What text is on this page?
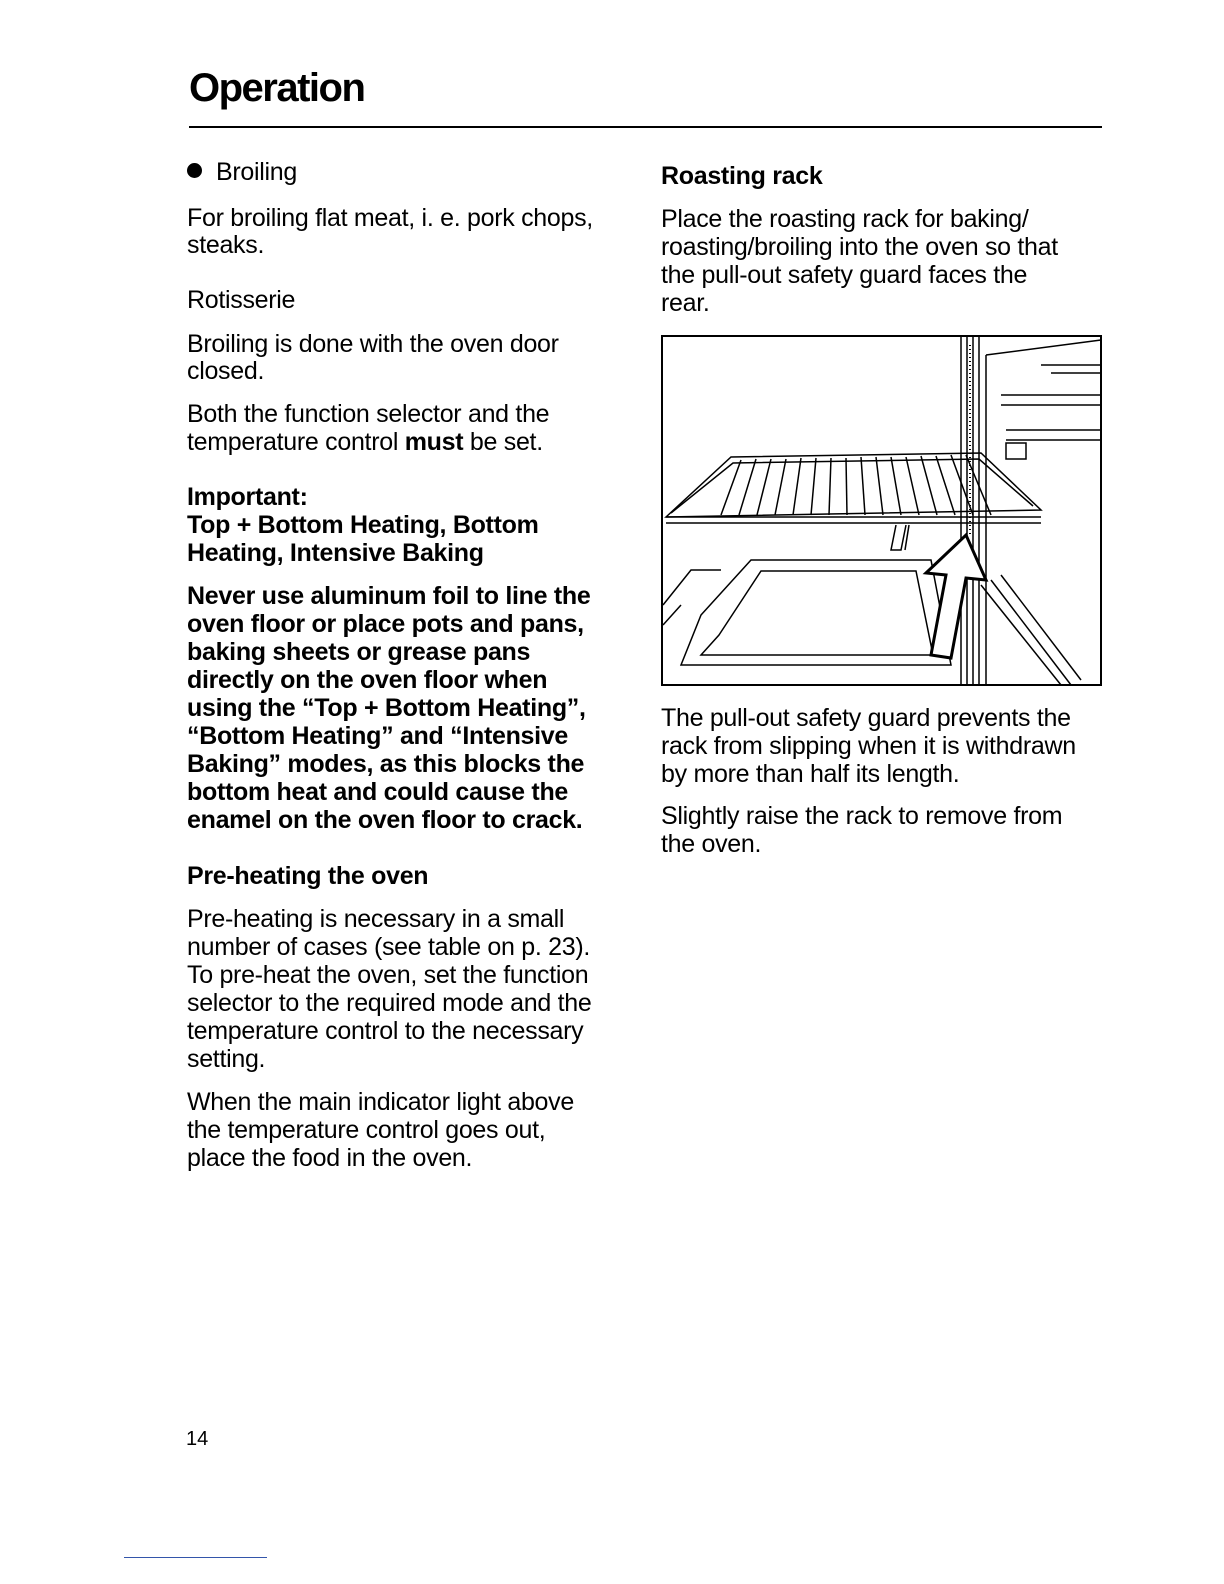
Operation

Broiling

For broiling flat meat, i. e. pork chops,

steaks.

Rotisserie

Broiling is done with the oven door

closed.

Both the function selector and the

temperature control must be set.

Important:

Top + Bottom Heating, Bottom

Heating, Intensive Baking

Never use aluminum foil to line the

oven floor or place pots and pans,

baking sheets or grease pans

directly on the oven floor when

using the “Top + Bottom Heating”,

“Bottom Heating” and “Intensive

Baking” modes, as this blocks the

bottom heat and could cause the

enamel on the oven floor to crack.

Pre-heating the oven

Pre-heating is necessary in a small

number of cases (see table on p. 23).

To pre-heat the oven, set the function

selector to the required mode and the

temperature control to the necessary

setting.

When the main indicator light above

the temperature control goes out,

place the food in the oven.

Roasting rack

Place the roasting rack for baking/

roasting/broiling into the oven so that

the pull-out safety guard faces the

rear.

The pull-out safety guard prevents the

rack from slipping when it is withdrawn

by more than half its length.

Slightly raise the rack to remove from

the oven.

14
